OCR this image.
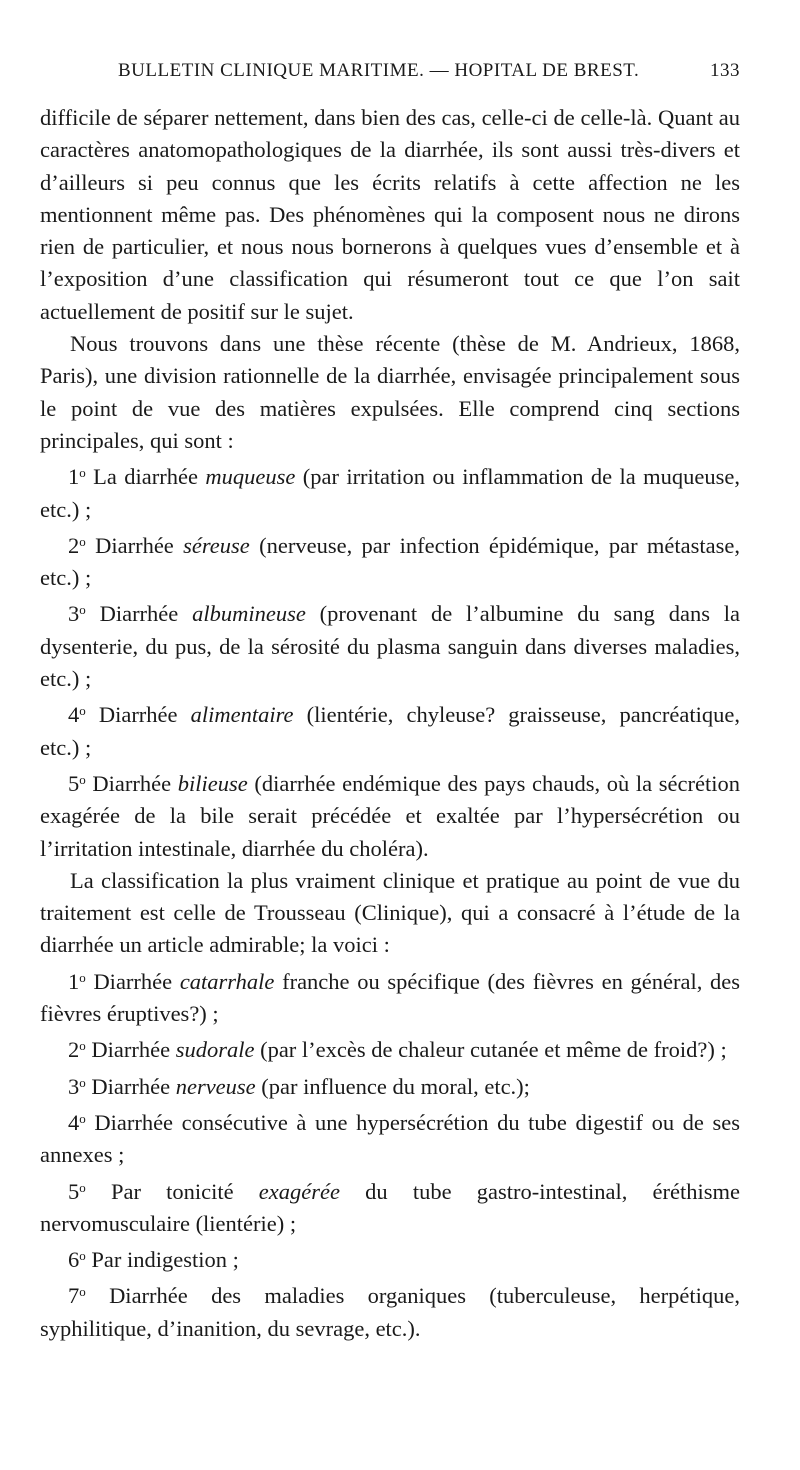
BULLETIN CLINIQUE MARITIME. — HOPITAL DE BREST.	133

difficile de séparer nettement, dans bien des cas, celle-ci de celle-là. Quant au caractères anatomopathologiques de la diarrhée, ils sont aussi très-divers et d’ailleurs si peu connus que les écrits relatifs à cette affection ne les mentionnent même pas. Des phénomènes qui la composent nous ne dirons rien de particulier, et nous nous bornerons à quelques vues d’ensemble et à l’exposition d’une classification qui résumeront tout ce que l’on sait actuellement de positif sur le sujet.

Nous trouvons dans une thèse récente (thèse de M. Andrieux, 1868, Paris), une division rationnelle de la diarrhée, envisagée principalement sous le point de vue des matières expulsées. Elle comprend cinq sections principales, qui sont :

1$^o$ La diarrhée muqueuse (par irritation ou inflammation de la muqueuse, etc.) ;

2$^o$ Diarrhée séreuse (nerveuse, par infection épidémique, par métastase, etc.) ;

3$^o$ Diarrhée albumineuse (provenant de l’albumine du sang dans la dysenterie, du pus, de la sérosité du plasma sanguin dans diverses maladies, etc.) ;

4$^o$ Diarrhée alimentaire (lientérie, chyleuse? graisseuse, pancréatique, etc.) ;

5$^o$ Diarrhée bilieuse (diarrhée endémique des pays chauds, où la sécrétion exagérée de la bile serait précédée et exaltée par l’hypersécrétion ou l’irritation intestinale, diarrhée du choléra).

La classification la plus vraiment clinique et pratique au point de vue du traitement est celle de Trousseau (Clinique), qui a consacré à l’étude de la diarrhée un article admirable; la voici :

1$^o$ Diarrhée catarrhale franche ou spécifique (des fièvres en général, des fièvres éruptives?) ;

2$^o$ Diarrhée sudorale (par l’excès de chaleur cutanée et même de froid?) ;

3$^o$ Diarrhée nerveuse (par influence du moral, etc.);

4$^o$ Diarrhée consécutive à une hypersécrétion du tube digestif ou de ses annexes ;

5$^o$ Par tonicité exagérée du tube gastro-intestinal, éréthisme nervomusculaire (lientérie) ;

6$^o$ Par indigestion ;

7$^o$ Diarrhée des maladies organiques (tuberculeuse, herpétique, syphilitique, d’inanition, du sevrage, etc.).
